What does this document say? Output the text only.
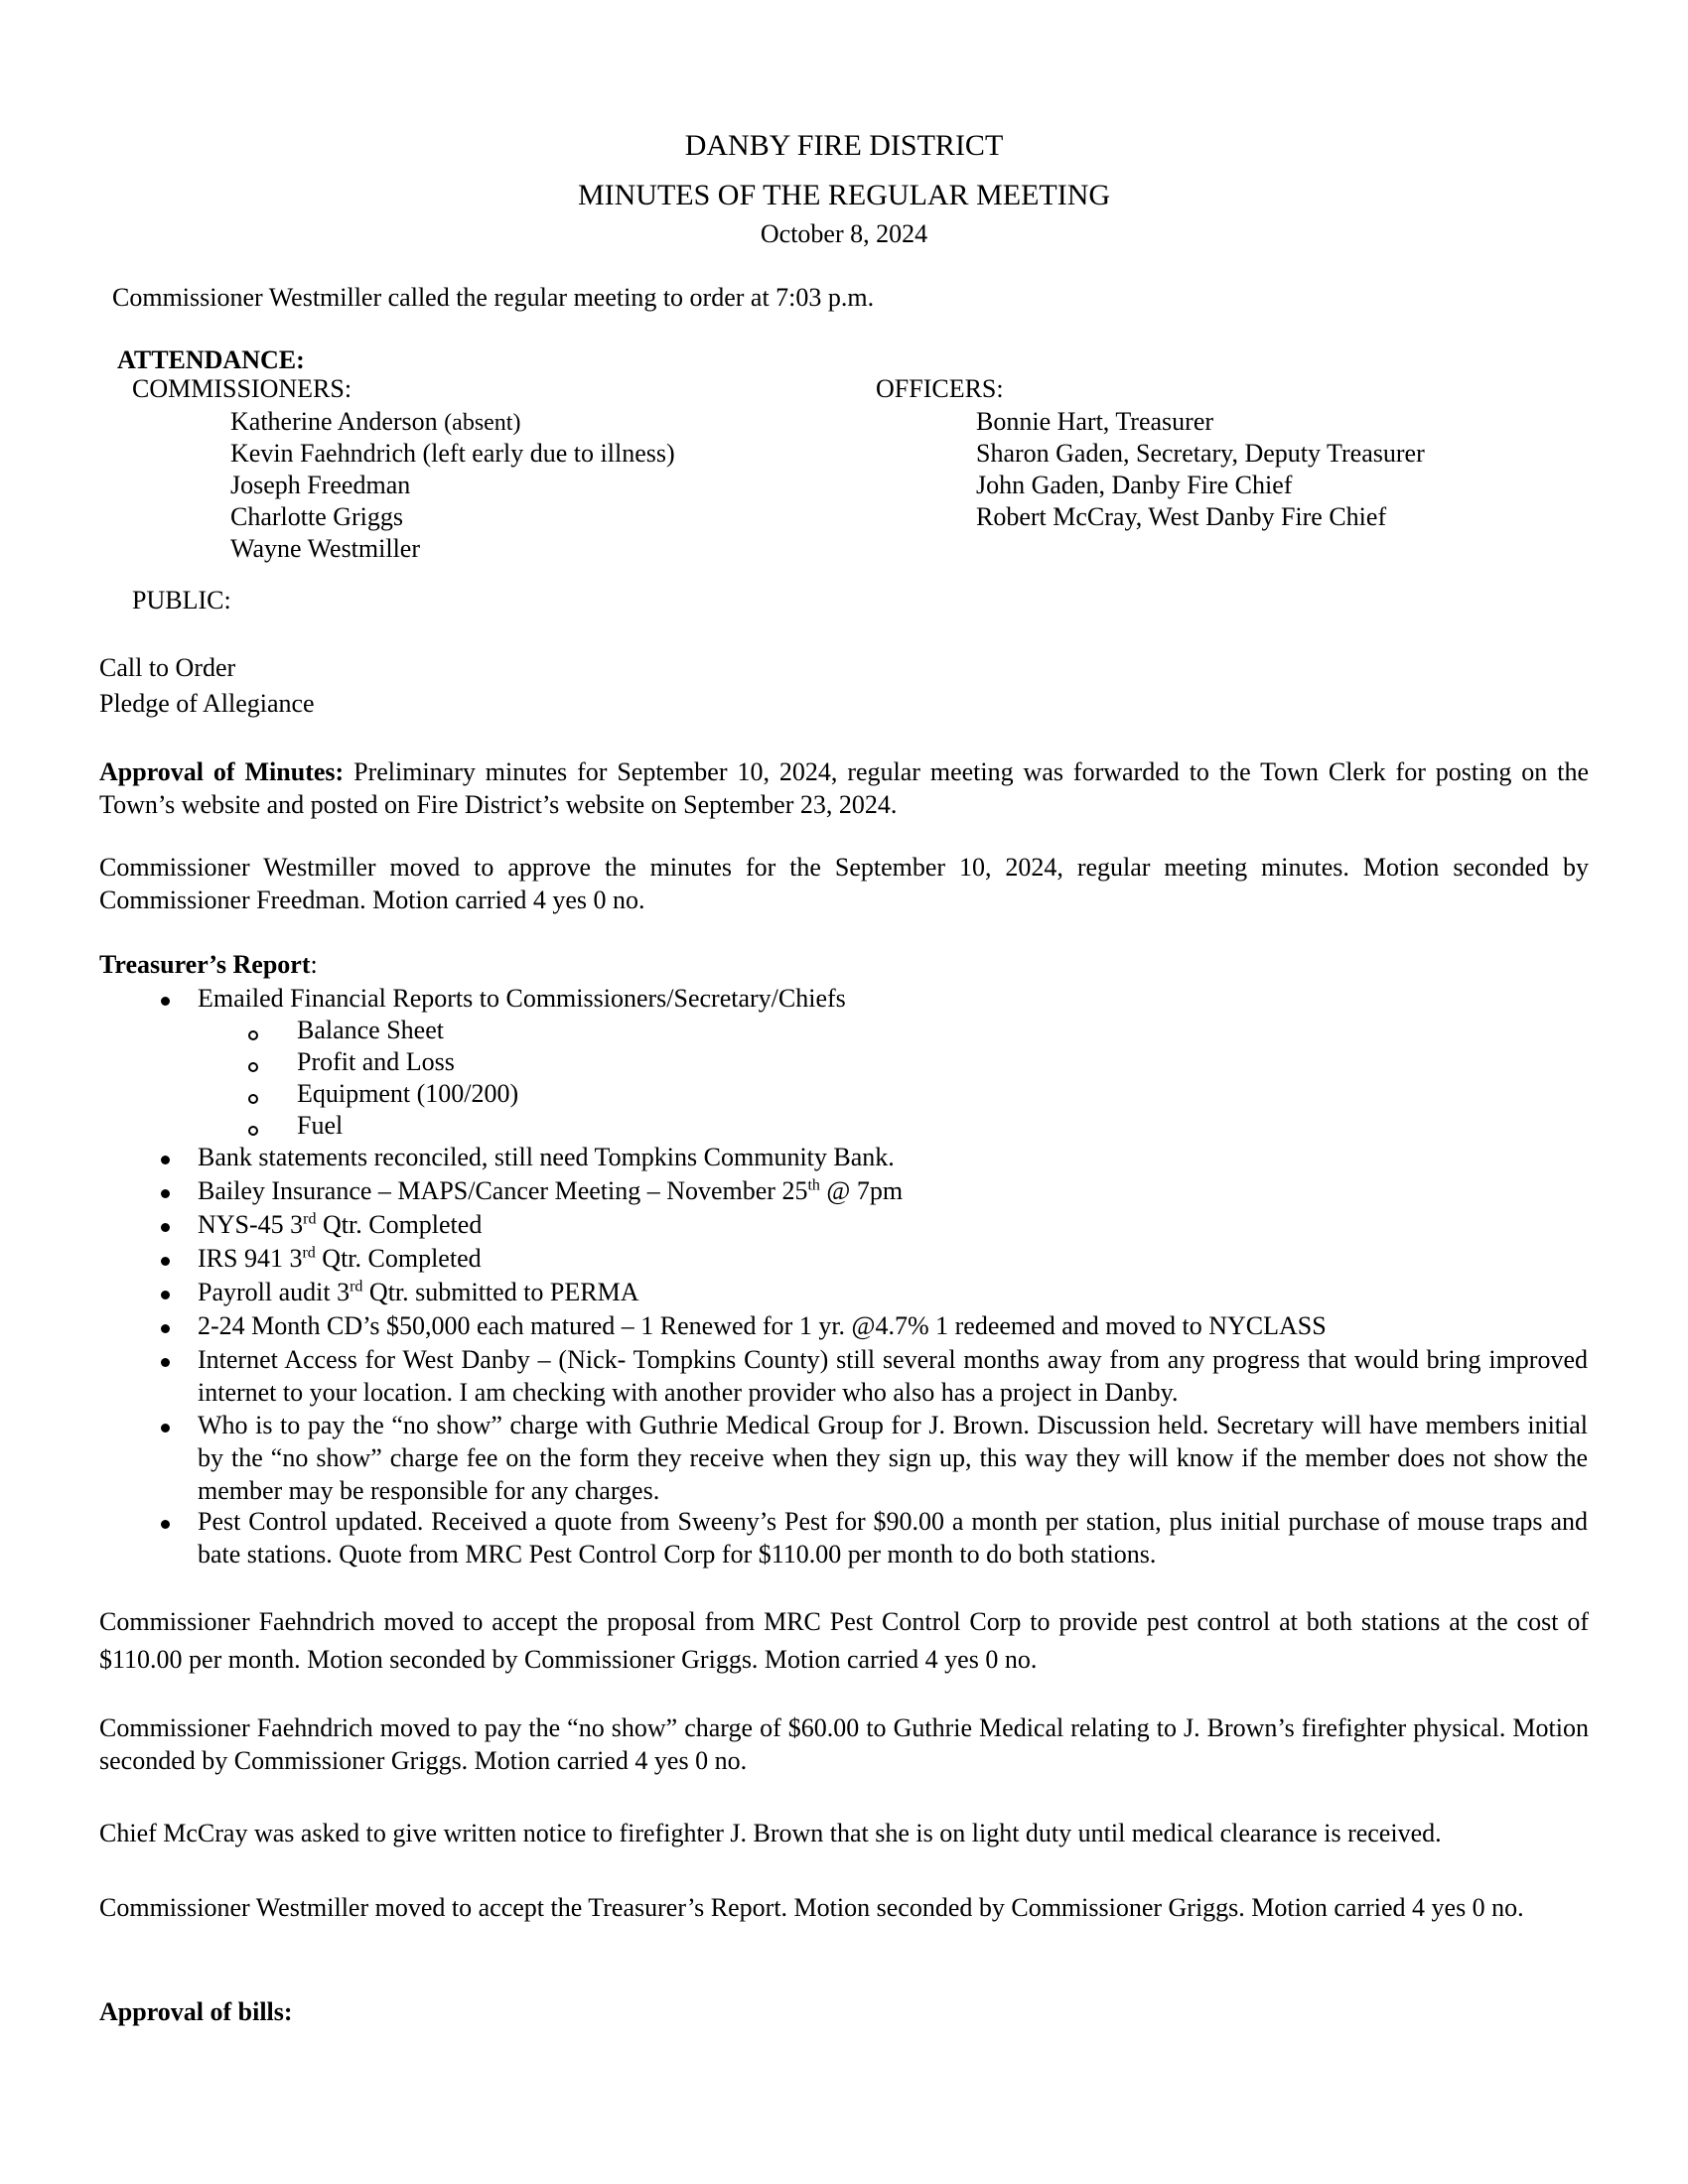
DANBY FIRE DISTRICT
MINUTES OF THE REGULAR MEETING
October 8, 2024
Commissioner Westmiller called the regular meeting to order at 7:03 p.m.
ATTENDANCE:
COMMISSIONERS:
Katherine Anderson (absent)
Kevin Faehndrich (left early due to illness)
Joseph Freedman
Charlotte Griggs
Wayne Westmiller
OFFICERS:
Bonnie Hart, Treasurer
Sharon Gaden, Secretary, Deputy Treasurer
John Gaden, Danby Fire Chief
Robert McCray, West Danby Fire Chief
PUBLIC:
Call to Order
Pledge of Allegiance
Approval of Minutes: Preliminary minutes for September 10, 2024, regular meeting was forwarded to the Town Clerk for posting on the Town’s website and posted on Fire District’s website on September 23, 2024.
Commissioner Westmiller moved to approve the minutes for the September 10, 2024, regular meeting minutes. Motion seconded by Commissioner Freedman. Motion carried 4 yes 0 no.
Treasurer’s Report:
Emailed Financial Reports to Commissioners/Secretary/Chiefs
Balance Sheet
Profit and Loss
Equipment (100/200)
Fuel
Bank statements reconciled, still need Tompkins Community Bank.
Bailey Insurance – MAPS/Cancer Meeting – November 25th @ 7pm
NYS-45 3rd Qtr. Completed
IRS 941 3rd Qtr. Completed
Payroll audit 3rd Qtr. submitted to PERMA
2-24 Month CD’s $50,000 each matured – 1 Renewed for 1 yr. @4.7% 1 redeemed and moved to NYCLASS
Internet Access for West Danby – (Nick- Tompkins County) still several months away from any progress that would bring improved internet to your location. I am checking with another provider who also has a project in Danby.
Who is to pay the “no show” charge with Guthrie Medical Group for J. Brown. Discussion held. Secretary will have members initial by the “no show” charge fee on the form they receive when they sign up, this way they will know if the member does not show the member may be responsible for any charges.
Pest Control updated. Received a quote from Sweeny’s Pest for $90.00 a month per station, plus initial purchase of mouse traps and bate stations. Quote from MRC Pest Control Corp for $110.00 per month to do both stations.
Commissioner Faehndrich moved to accept the proposal from MRC Pest Control Corp to provide pest control at both stations at the cost of $110.00 per month. Motion seconded by Commissioner Griggs. Motion carried 4 yes 0 no.
Commissioner Faehndrich moved to pay the “no show” charge of $60.00 to Guthrie Medical relating to J. Brown’s firefighter physical. Motion seconded by Commissioner Griggs. Motion carried 4 yes 0 no.
Chief McCray was asked to give written notice to firefighter J. Brown that she is on light duty until medical clearance is received.
Commissioner Westmiller moved to accept the Treasurer’s Report. Motion seconded by Commissioner Griggs. Motion carried 4 yes 0 no.
Approval of bills:
